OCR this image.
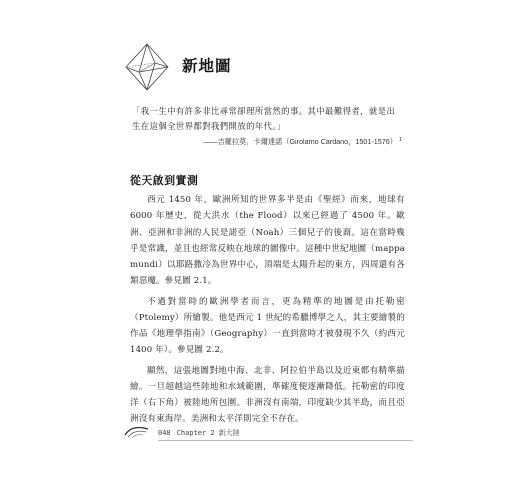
新地圖
「我一生中有許多非比尋常卻理所當然的事。其中最難得者，就是出生在這個全世界都對我們開放的年代。」
——吉羅拉莫．卡爾達諾（Girolamo Cardano，1501-1576） $^1$
從天啟到實測

西元 1450 年，歐洲所知的世界多半是由《聖經》而來，地球有 6000 年歷史，從大洪水（the Flood）以來已經過了 4500 年。歐洲、亞洲和非洲的人民是諾亞（Noah）三個兒子的後裔。這在當時幾乎是常識，並且也經常反映在地球的圖像中。這種中世紀地圖（mappa mundi）以耶路撒冷為世界中心，頂端是太陽升起的東方，四周還有各類惡魔。參見圖 2.1。

不過對當時的歐洲學者而言，更為精準的地圖是由托勒密（Ptolemy）所繪製。他是西元 1 世紀的希臘博學之人，其主要繪製的作品《地理學指南》（Geography）一直到當時才被發現不久（約西元 1400 年）。參見圖 2.2。

顯然，這張地圖對地中海、北非、阿拉伯半島以及近東都有精準描繪。一旦超越這些陸地和水域範圍，準確度便逐漸降低。托勒密的印度洋（右下角）被陸地所包圍。非洲沒有南端，印度缺少其半島，而且亞洲沒有東海岸。美洲和太平洋則完全不存在。

048 Chapter 2 新大陸
